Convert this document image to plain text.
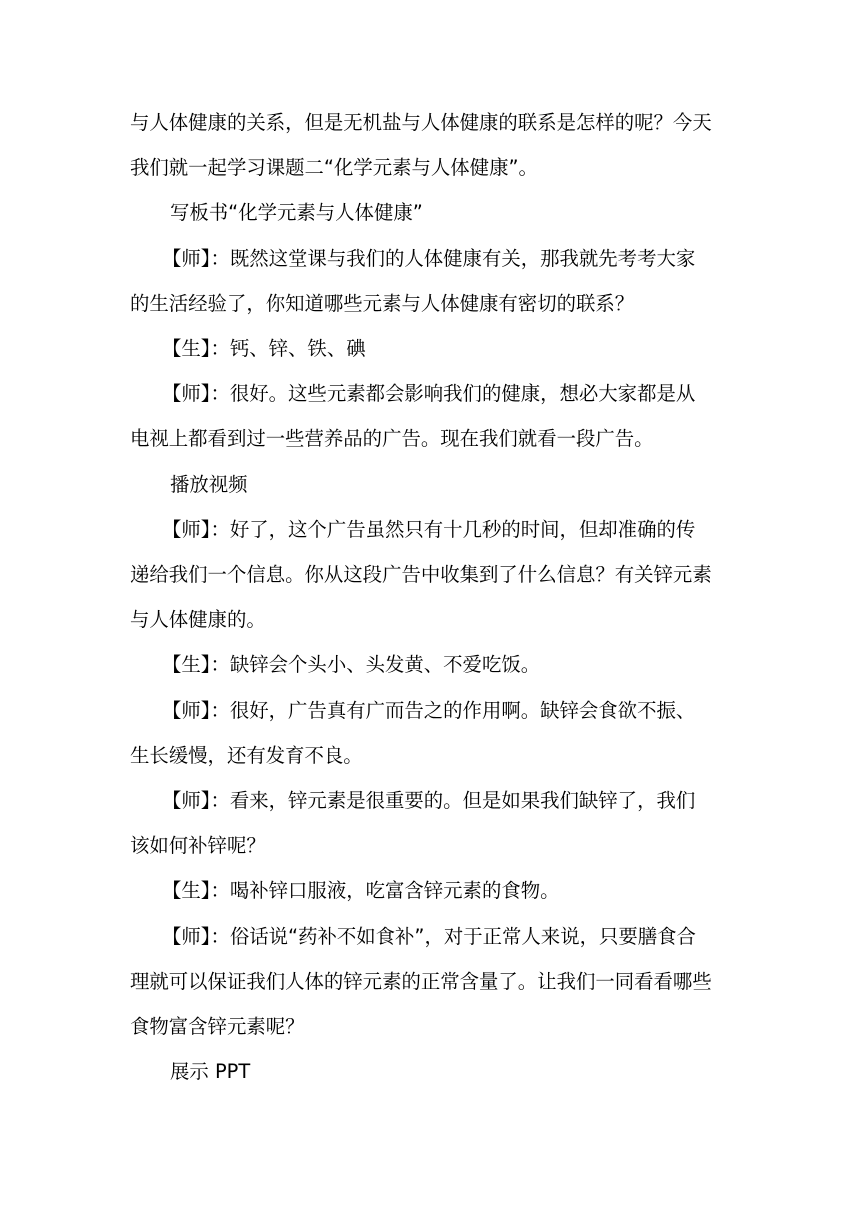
与人体健康的关系，但是无机盐与人体健康的联系是怎样的呢？今天
我们就一起学习课题二“化学元素与人体健康”。

写板书“化学元素与人体健康”

【师】：既然这堂课与我们的人体健康有关，那我就先考考大家
的生活经验了，你知道哪些元素与人体健康有密切的联系？

【生】：钙、锌、铁、碘

【师】：很好。这些元素都会影响我们的健康，想必大家都是从
电视上都看到过一些营养品的广告。现在我们就看一段广告。

播放视频

【师】：好了，这个广告虽然只有十几秒的时间，但却准确的传
递给我们一个信息。你从这段广告中收集到了什么信息？有关锌元素
与人体健康的。

【生】：缺锌会个头小、头发黄、不爱吃饭。

【师】：很好，广告真有广而告之的作用啊。缺锌会食欲不振、
生长缓慢，还有发育不良。

【师】：看来，锌元素是很重要的。但是如果我们缺锌了，我们
该如何补锌呢？

【生】：喝补锌口服液，吃富含锌元素的食物。

【师】：俗话说“药补不如食补”，对于正常人来说，只要膳食合
理就可以保证我们人体的锌元素的正常含量了。让我们一同看看哪些
食物富含锌元素呢？

展示 PPT
